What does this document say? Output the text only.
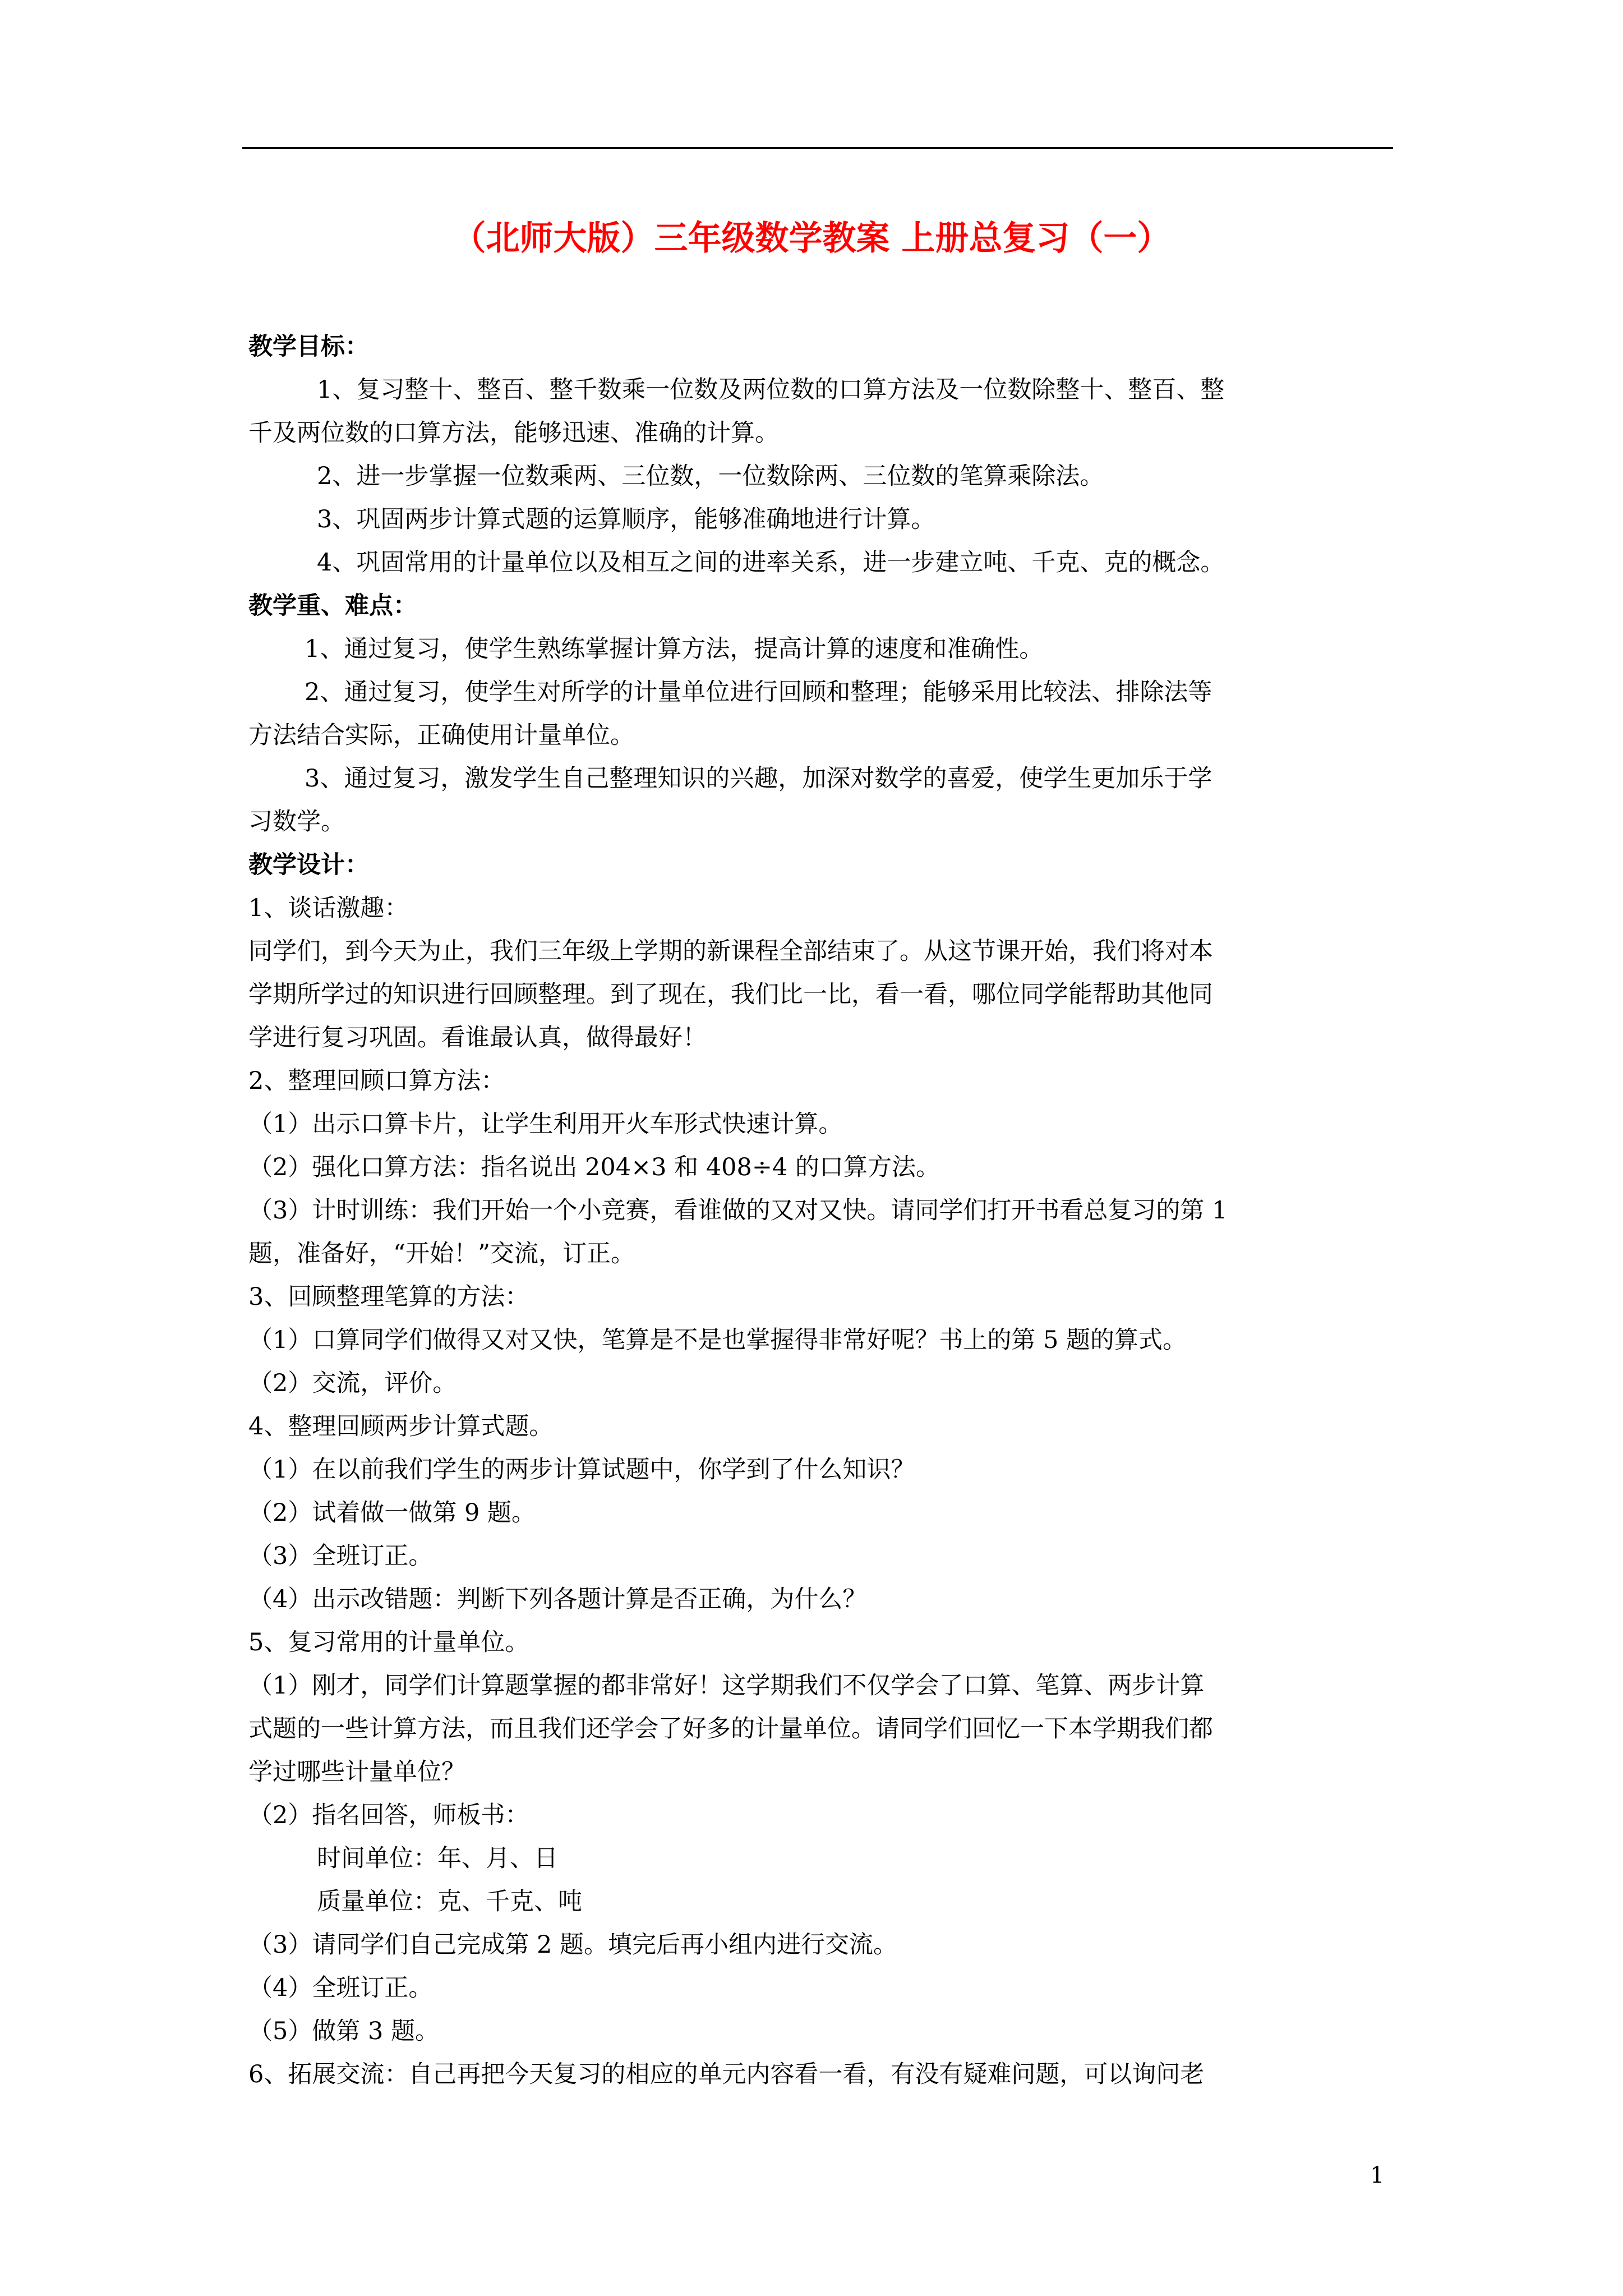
（北师大版）三年级数学教案 上册总复习（一）

教学目标：

1、复习整十、整百、整千数乘一位数及两位数的口算方法及一位数除整十、整百、整

千及两位数的口算方法，能够迅速、准确的计算。

2、进一步掌握一位数乘两、三位数，一位数除两、三位数的笔算乘除法。

3、巩固两步计算式题的运算顺序，能够准确地进行计算。

4、巩固常用的计量单位以及相互之间的进率关系，进一步建立吨、千克、克的概念。

教学重、难点：

1、通过复习，使学生熟练掌握计算方法，提高计算的速度和准确性。

2、通过复习，使学生对所学的计量单位进行回顾和整理；能够采用比较法、排除法等

方法结合实际，正确使用计量单位。

3、通过复习，激发学生自己整理知识的兴趣，加深对数学的喜爱，使学生更加乐于学

习数学。

教学设计：

1、谈话激趣：

同学们，到今天为止，我们三年级上学期的新课程全部结束了。从这节课开始，我们将对本

学期所学过的知识进行回顾整理。到了现在，我们比一比，看一看，哪位同学能帮助其他同

学进行复习巩固。看谁最认真，做得最好！

2、整理回顾口算方法：

（1）出示口算卡片，让学生利用开火车形式快速计算。

（2）强化口算方法：指名说出 204×3 和 408÷4 的口算方法。

（3）计时训练：我们开始一个小竞赛，看谁做的又对又快。请同学们打开书看总复习的第 1

题，准备好，“开始！”交流，订正。

3、回顾整理笔算的方法：

（1）口算同学们做得又对又快，笔算是不是也掌握得非常好呢？书上的第 5 题的算式。

（2）交流，评价。

4、整理回顾两步计算式题。

（1）在以前我们学生的两步计算试题中，你学到了什么知识？

（2）试着做一做第 9 题。

（3）全班订正。

（4）出示改错题：判断下列各题计算是否正确，为什么？

5、复习常用的计量单位。

（1）刚才，同学们计算题掌握的都非常好！这学期我们不仅学会了口算、笔算、两步计算

式题的一些计算方法，而且我们还学会了好多的计量单位。请同学们回忆一下本学期我们都

学过哪些计量单位？

（2）指名回答，师板书：

时间单位：年、月、日

质量单位：克、千克、吨

（3）请同学们自己完成第 2 题。填完后再小组内进行交流。

（4）全班订正。

（5）做第 3 题。

6、拓展交流：自己再把今天复习的相应的单元内容看一看，有没有疑难问题，可以询问老

1
